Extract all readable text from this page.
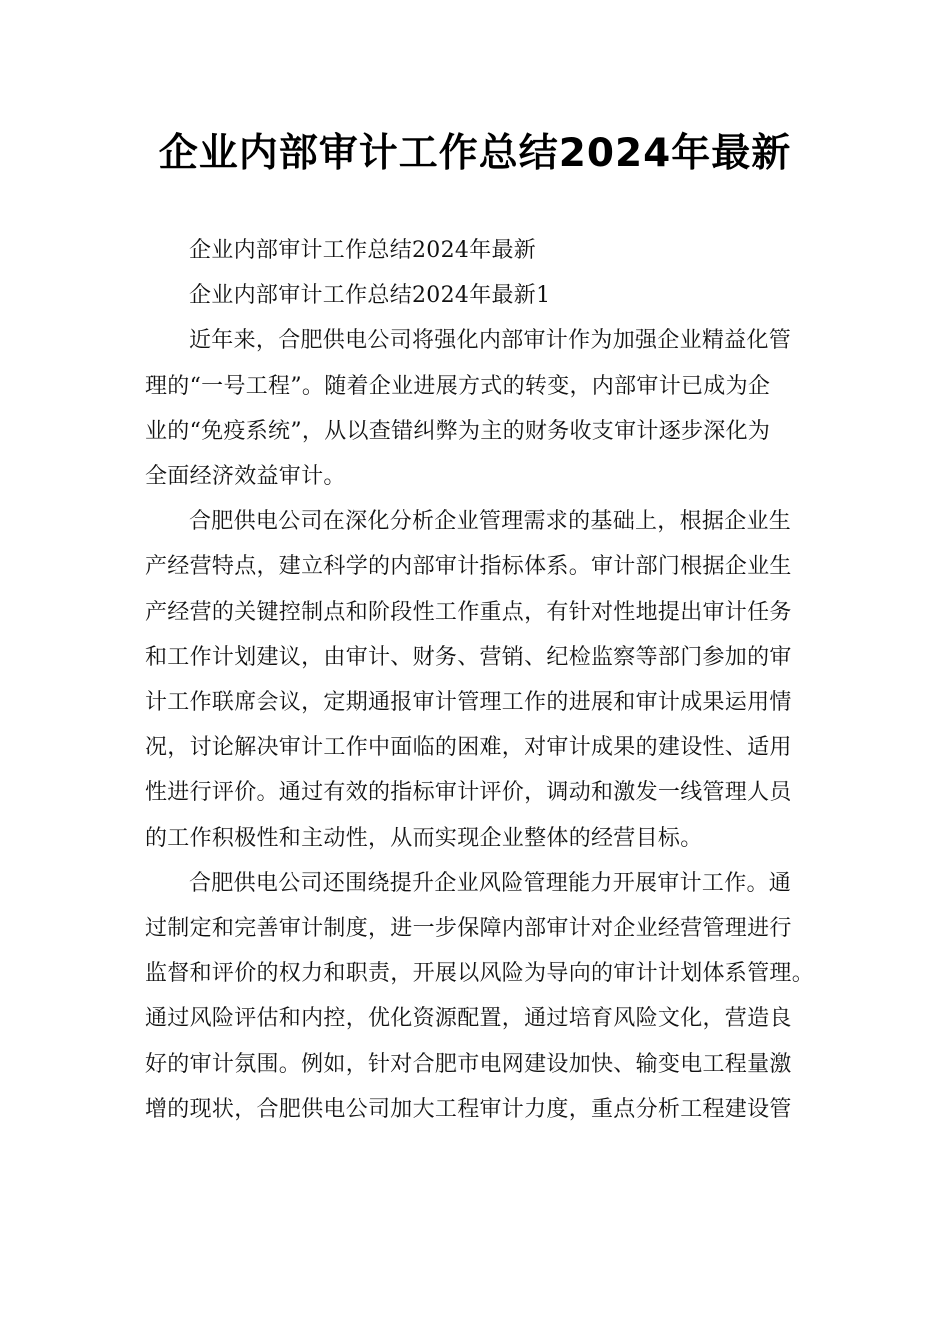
企业内部审计工作总结2024年最新

企业内部审计工作总结2024年最新

企业内部审计工作总结2024年最新1

近年来，合肥供电公司将强化内部审计作为加强企业精益化管
理的“一号工程”。随着企业进展方式的转变，内部审计已成为企
业的“免疫系统”，从以查错纠弊为主的财务收支审计逐步深化为
全面经济效益审计。

合肥供电公司在深化分析企业管理需求的基础上，根据企业生
产经营特点，建立科学的内部审计指标体系。审计部门根据企业生
产经营的关键控制点和阶段性工作重点，有针对性地提出审计任务
和工作计划建议，由审计、财务、营销、纪检监察等部门参加的审
计工作联席会议，定期通报审计管理工作的进展和审计成果运用情
况，讨论解决审计工作中面临的困难，对审计成果的建设性、适用
性进行评价。通过有效的指标审计评价，调动和激发一线管理人员
的工作积极性和主动性，从而实现企业整体的经营目标。

合肥供电公司还围绕提升企业风险管理能力开展审计工作。通
过制定和完善审计制度，进一步保障内部审计对企业经营管理进行
监督和评价的权力和职责，开展以风险为导向的审计计划体系管理。
通过风险评估和内控，优化资源配置，通过培育风险文化，营造良
好的审计氛围。例如，针对合肥市电网建设加快、输变电工程量激
增的现状，合肥供电公司加大工程审计力度，重点分析工程建设管
